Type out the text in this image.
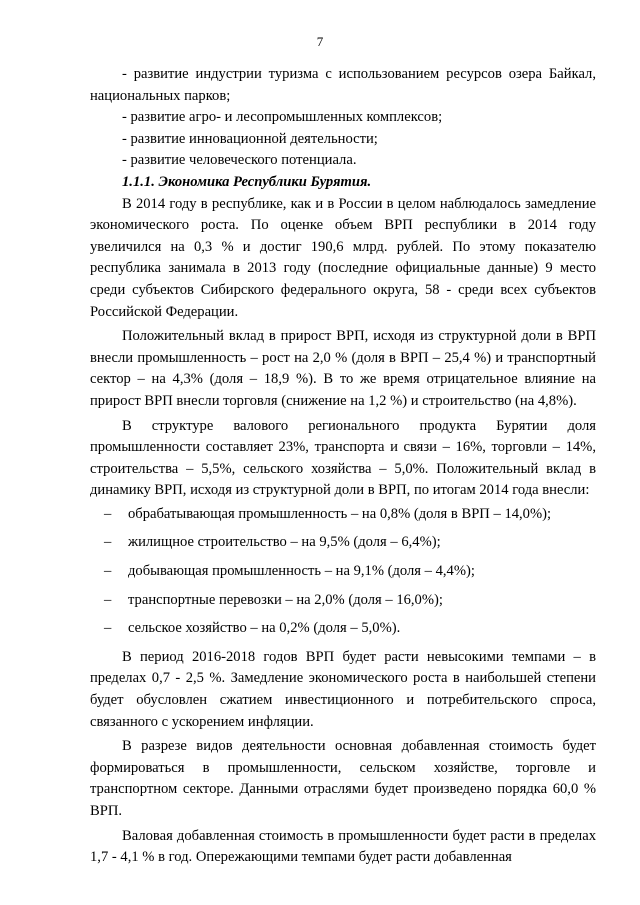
7

- развитие индустрии туризма с использованием ресурсов озера Байкал, национальных парков;

- развитие агро- и лесопромышленных комплексов;

- развитие инновационной деятельности;

- развитие человеческого потенциала.

1.1.1. Экономика Республики Бурятия.

В 2014 году в республике, как и в России в целом наблюдалось замедление экономического роста. По оценке объем ВРП республики в 2014 году увеличился на 0,3 % и достиг 190,6 млрд. рублей. По этому показателю республика занимала в 2013 году (последние официальные данные) 9 место среди субъектов Сибирского федерального округа, 58 - среди всех субъектов Российской Федерации.

Положительный вклад в прирост ВРП, исходя из структурной доли в ВРП внесли промышленность – рост на 2,0 % (доля в ВРП – 25,4 %) и транспортный сектор – на 4,3% (доля – 18,9 %). В то же время отрицательное влияние на прирост ВРП внесли торговля (снижение на 1,2 %) и строительство (на 4,8%).

В структуре валового регионального продукта Бурятии доля промышленности составляет 23%, транспорта и связи – 16%, торговли – 14%, строительства – 5,5%, сельского хозяйства – 5,0%. Положительный вклад в динамику ВРП, исходя из структурной доли в ВРП, по итогам 2014 года внесли:

–	обрабатывающая промышленность – на 0,8% (доля в ВРП – 14,0%);
–	жилищное строительство – на 9,5% (доля – 6,4%);
–	добывающая промышленность – на 9,1% (доля – 4,4%);
–	транспортные перевозки – на 2,0% (доля – 16,0%);
–	сельское хозяйство – на 0,2% (доля – 5,0%).

В период 2016-2018 годов ВРП будет расти невысокими темпами – в пределах 0,7 - 2,5 %. Замедление экономического роста в наибольшей степени будет обусловлен сжатием инвестиционного и потребительского спроса, связанного с ускорением инфляции.

В разрезе видов деятельности основная добавленная стоимость будет формироваться в промышленности, сельском хозяйстве, торговле и транспортном секторе. Данными отраслями будет произведено порядка 60,0 % ВРП.

Валовая добавленная стоимость в промышленности будет расти в пределах 1,7 - 4,1 % в год. Опережающими темпами будет расти добавленная
